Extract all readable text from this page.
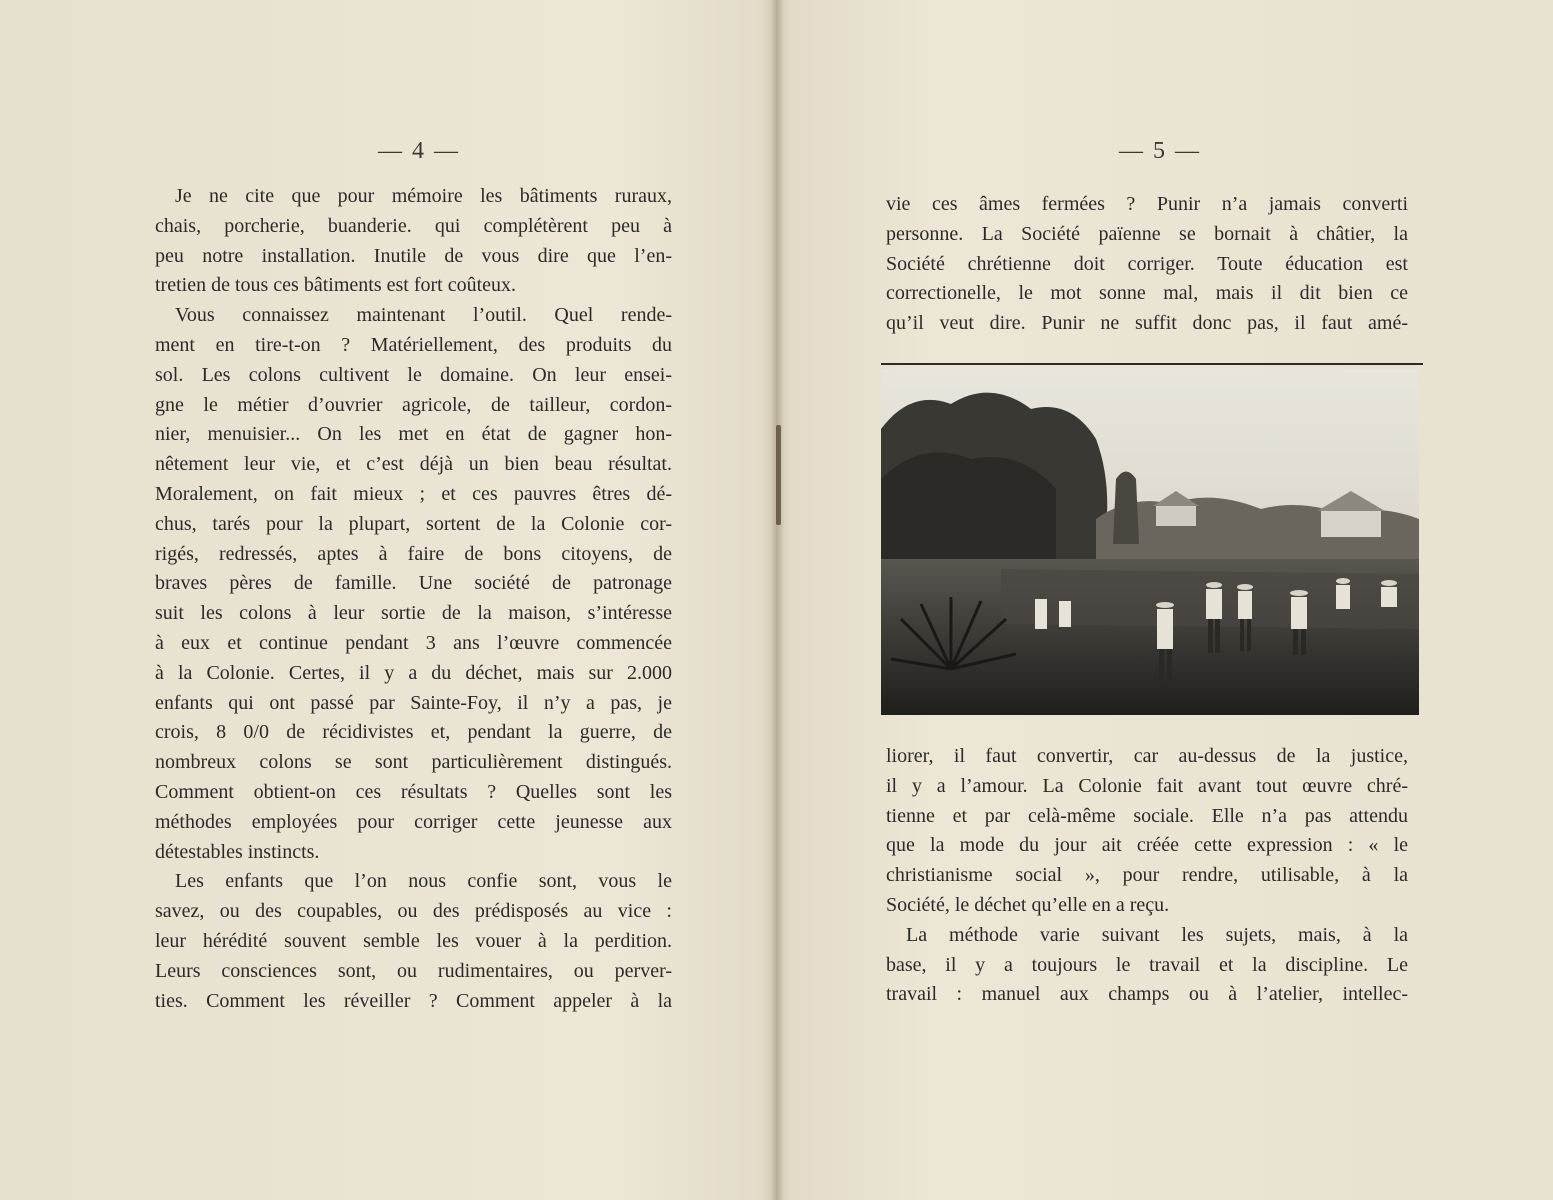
— 4 —
Je ne cite que pour mémoire les bâtiments ruraux,
chais, porcherie, buanderie. qui complétèrent peu à
peu notre installation. Inutile de vous dire que l’en-
tretien de tous ces bâtiments est fort coûteux.
Vous connaissez maintenant l’outil. Quel rende-
ment en tire-t-on ? Matériellement, des produits du
sol. Les colons cultivent le domaine. On leur ensei-
gne le métier d’ouvrier agricole, de tailleur, cordon-
nier, menuisier... On les met en état de gagner hon-
nêtement leur vie, et c’est déjà un bien beau résultat.
Moralement, on fait mieux ; et ces pauvres êtres dé-
chus, tarés pour la plupart, sortent de la Colonie cor-
rigés, redressés, aptes à faire de bons citoyens, de
braves pères de famille. Une société de patronage
suit les colons à leur sortie de la maison, s’intéresse
à eux et continue pendant 3 ans l’œuvre commencée
à la Colonie. Certes, il y a du déchet, mais sur 2.000
enfants qui ont passé par Sainte-Foy, il n’y a pas, je
crois, 8 0/0 de récidivistes et, pendant la guerre, de
nombreux colons se sont particulièrement distingués.
Comment obtient-on ces résultats ? Quelles sont les
méthodes employées pour corriger cette jeunesse aux
détestables instincts.
Les enfants que l’on nous confie sont, vous le
savez, ou des coupables, ou des prédisposés au vice :
leur hérédité souvent semble les vouer à la perdition.
Leurs consciences sont, ou rudimentaires, ou perver-
ties. Comment les réveiller ? Comment appeler à la
— 5 —
vie ces âmes fermées ? Punir n’a jamais converti
personne. La Société païenne se bornait à châtier, la
Société chrétienne doit corriger. Toute éducation est
correctionelle, le mot sonne mal, mais il dit bien ce
qu’il veut dire. Punir ne suffit donc pas, il faut amé-
liorer, il faut convertir, car au-dessus de la justice,
il y a l’amour. La Colonie fait avant tout œuvre chré-
tienne et par celà-même sociale. Elle n’a pas attendu
que la mode du jour ait créée cette expression : « le
christianisme social », pour rendre, utilisable, à la
Société, le déchet qu’elle en a reçu.
La méthode varie suivant les sujets, mais, à la
base, il y a toujours le travail et la discipline. Le
travail : manuel aux champs ou à l’atelier, intellec-
